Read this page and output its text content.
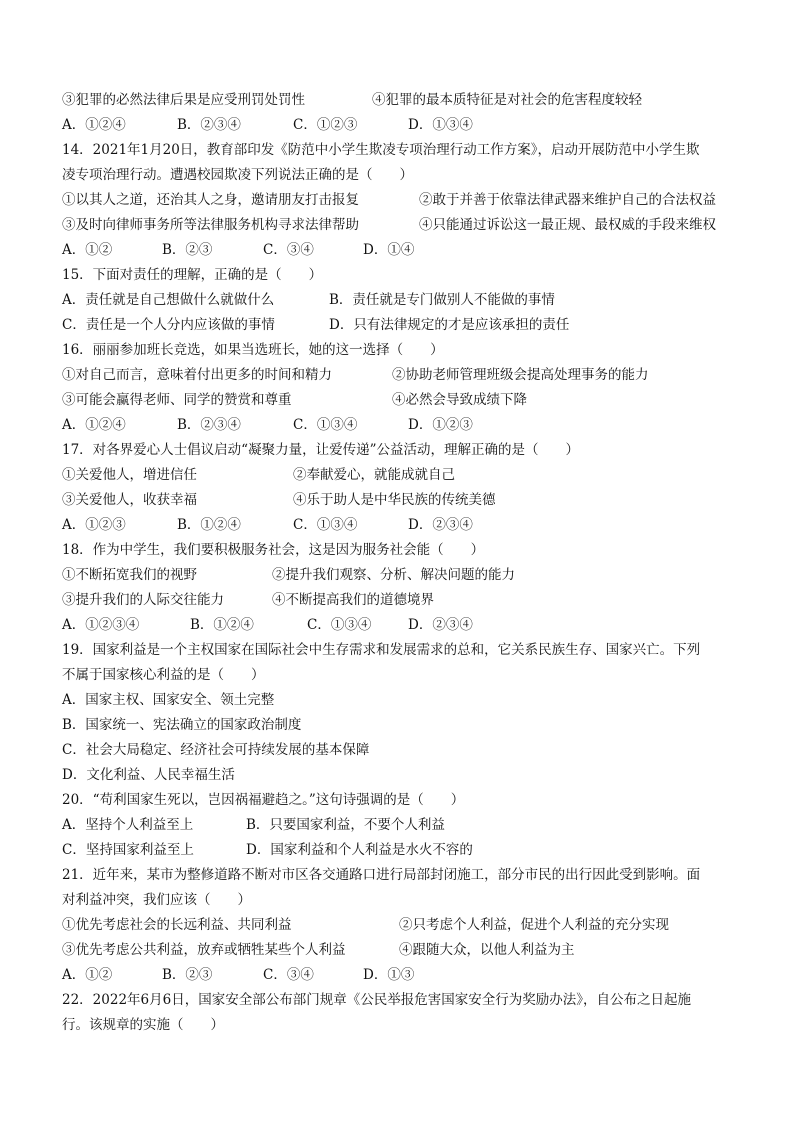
③犯罪的必然法律后果是应受刑罚处罚性	④犯罪的最本质特征是对社会的危害程度较轻
A．①②④	B．②③④	C．①②③	D．①③④
14．2021年1月20日，教育部印发《防范中小学生欺凌专项治理行动工作方案》，启动开展防范中小学生欺
凌专项治理行动。遭遇校园欺凌下列说法正确的是（　　）
①以其人之道，还治其人之身，邀请朋友打击报复	②敢于并善于依靠法律武器来维护自己的合法权益
③及时向律师事务所等法律服务机构寻求法律帮助	④只能通过诉讼这一最正规、最权威的手段来维权
A．①②	B．②③	C．③④	D．①④
15．下面对责任的理解，正确的是（　　）
A．责任就是自己想做什么就做什么	B．责任就是专门做别人不能做的事情
C．责任是一个人分内应该做的事情	D．只有法律规定的才是应该承担的责任
16．丽丽参加班长竞选，如果当选班长，她的这一选择（　　）
①对自己而言，意味着付出更多的时间和精力	②协助老师管理班级会提高处理事务的能力
③可能会赢得老师、同学的赞赏和尊重	④必然会导致成绩下降
A．①②④	B．②③④	C．①③④	D．①②③
17．对各界爱心人士倡议启动“凝聚力量，让爱传递”公益活动，理解正确的是（　　）
①关爱他人，增进信任	②奉献爱心，就能成就自己
③关爱他人，收获幸福	④乐于助人是中华民族的传统美德
A．①②③	B．①②④	C．①③④	D．②③④
18．作为中学生，我们要积极服务社会，这是因为服务社会能（　　）
①不断拓宽我们的视野	②提升我们观察、分析、解决问题的能力
③提升我们的人际交往能力	④不断提高我们的道德境界
A．①②③④	B．①②④	C．①③④	D．②③④
19．国家利益是一个主权国家在国际社会中生存需求和发展需求的总和，它关系民族生存、国家兴亡。下列
不属于国家核心利益的是（　　）
A．国家主权、国家安全、领土完整
B．国家统一、宪法确立的国家政治制度
C．社会大局稳定、经济社会可持续发展的基本保障
D．文化利益、人民幸福生活
20．“苟利国家生死以，岂因祸福避趋之。”这句诗强调的是（　　）
A．坚持个人利益至上	B．只要国家利益，不要个人利益
C．坚持国家利益至上	D．国家利益和个人利益是水火不容的
21．近年来，某市为整修道路不断对市区各交通路口进行局部封闭施工，部分市民的出行因此受到影响。面
对利益冲突，我们应该（　　）
①优先考虑社会的长远利益、共同利益	②只考虑个人利益，促进个人利益的充分实现
③优先考虑公共利益，放弃或牺牲某些个人利益	④跟随大众，以他人利益为主
A．①②	B．②③	C．③④	D．①③
22．2022年6月6日，国家安全部公布部门规章《公民举报危害国家安全行为奖励办法》，自公布之日起施
行。该规章的实施（　　）
